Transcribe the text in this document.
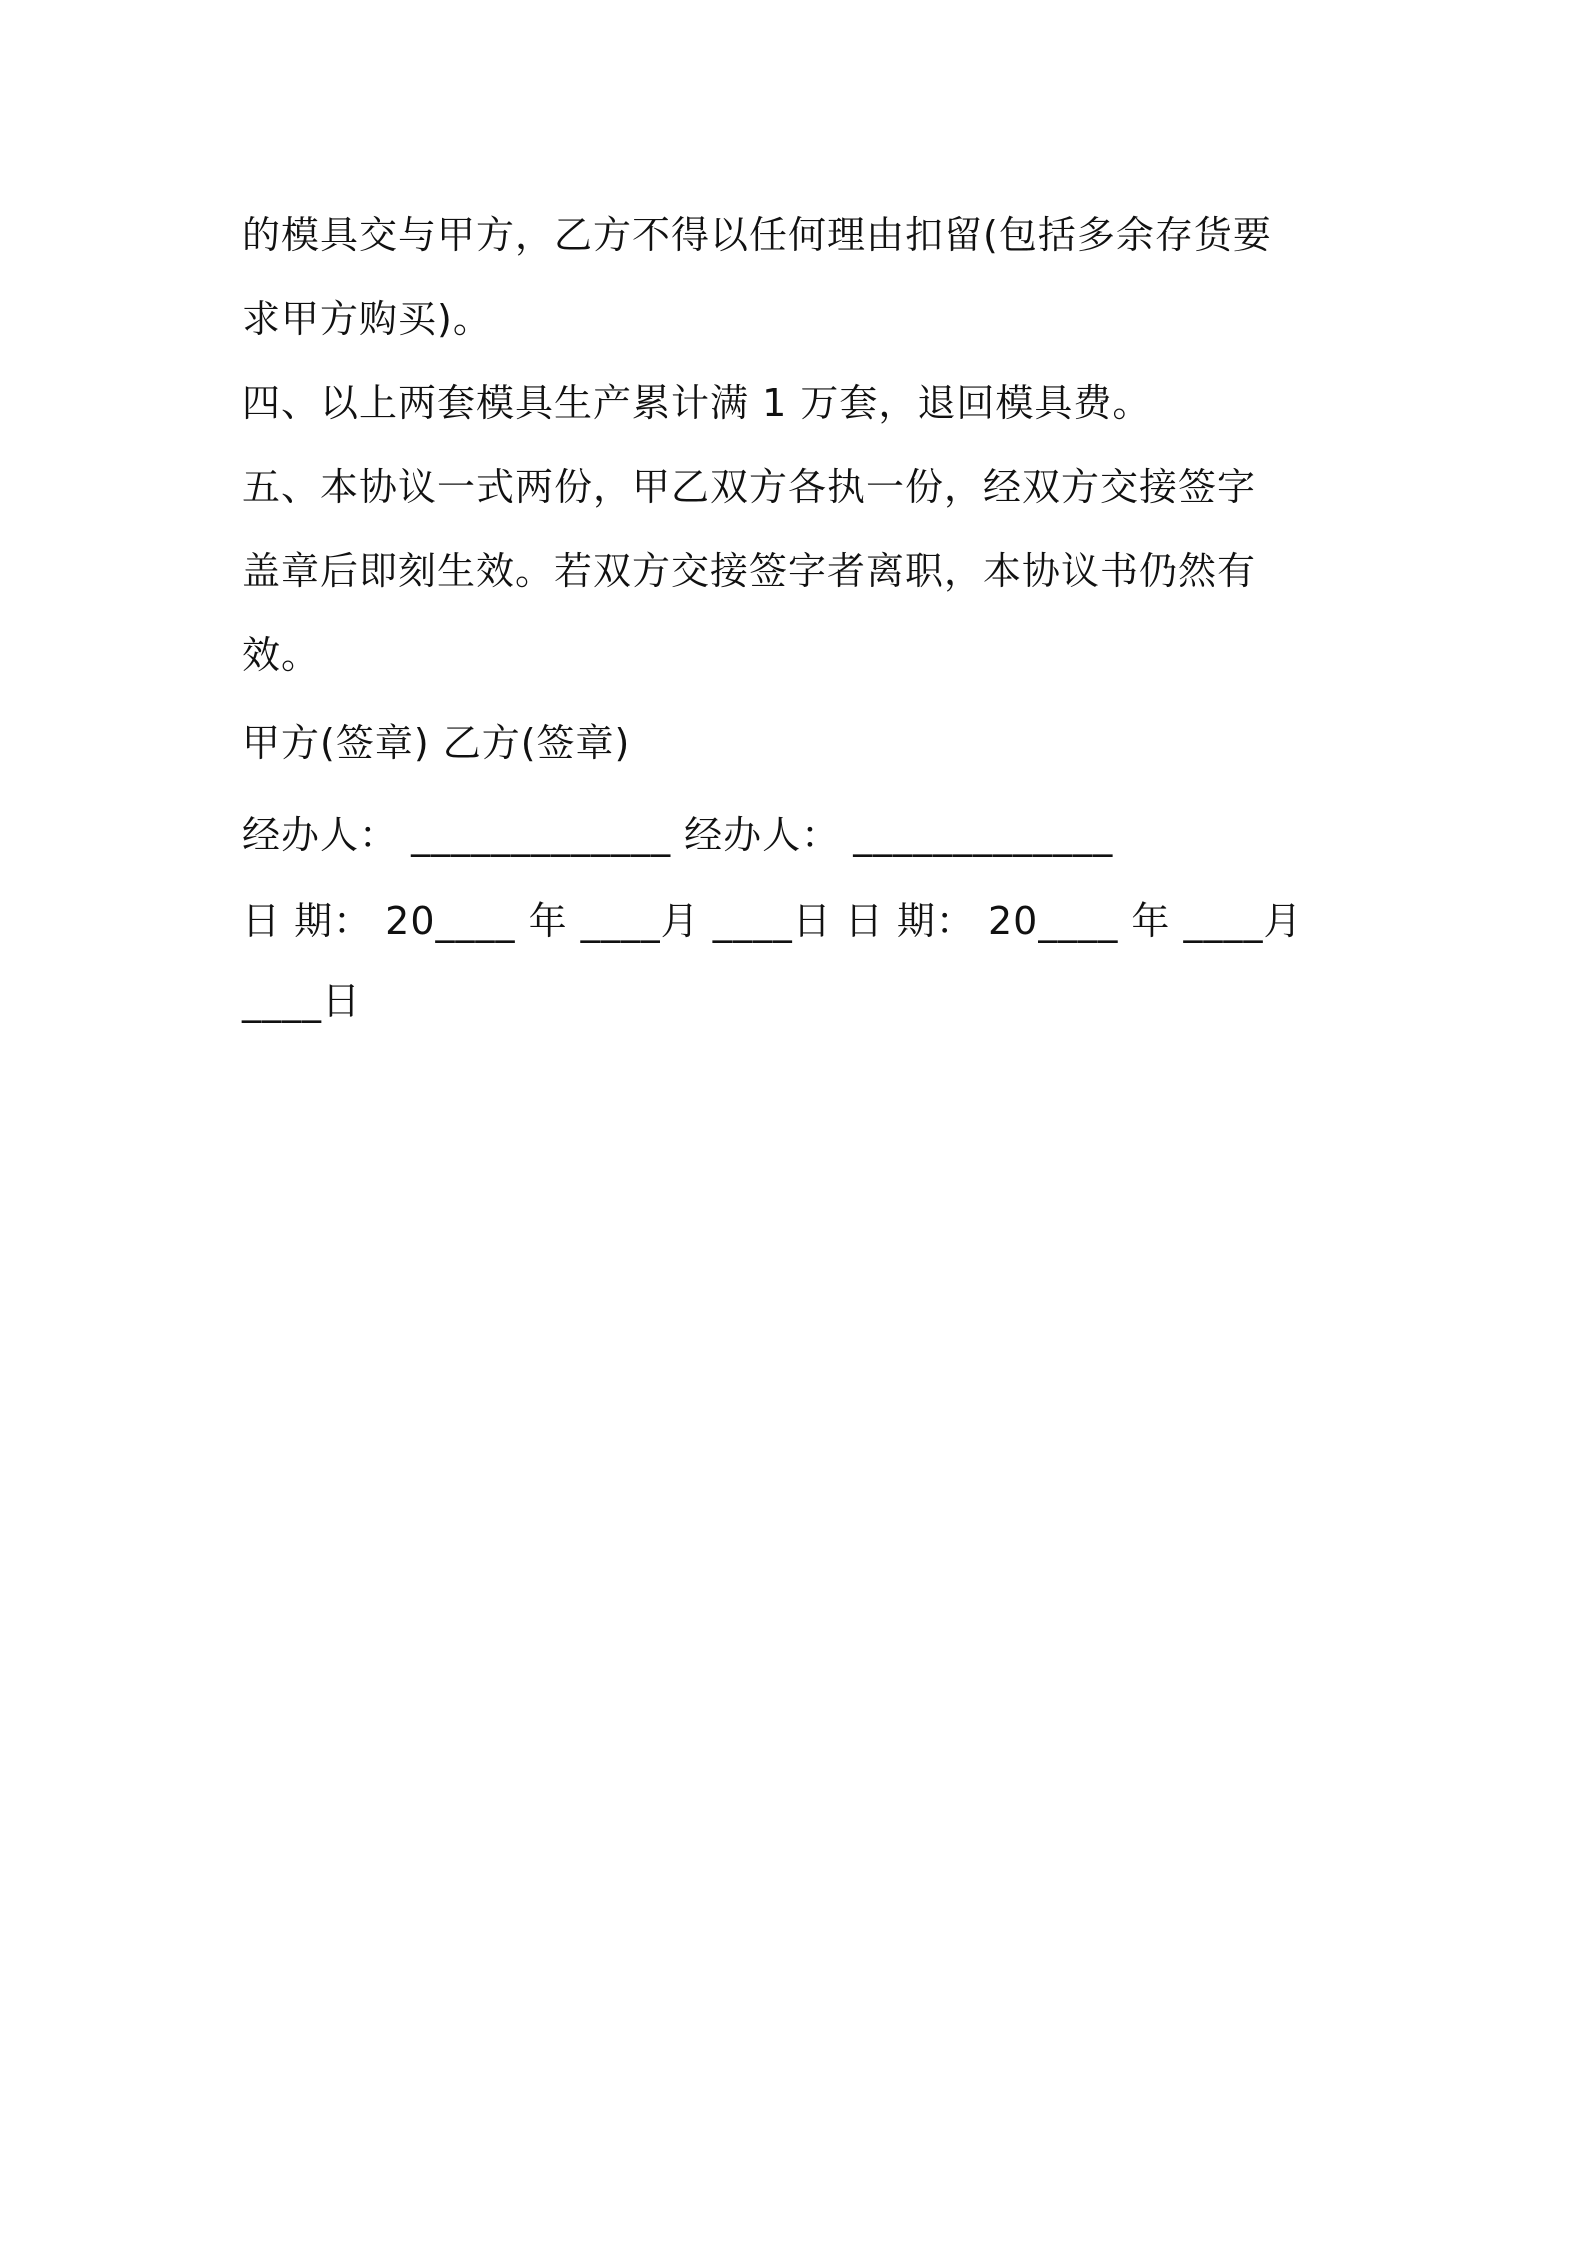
的模具交与甲方，乙方不得以任何理由扣留(包括多余存货要
求甲方购买)。
四、以上两套模具生产累计满 1 万套，退回模具费。
五、本协议一式两份，甲乙双方各执一份，经双方交接签字
盖章后即刻生效。若双方交接签字者离职，本协议书仍然有
效。
甲方(签章) 乙方(签章)
经办人： _____________ 经办人： _____________
日 期： 20____ 年 ____月 ____日 日 期： 20____ 年 ____月
____日
